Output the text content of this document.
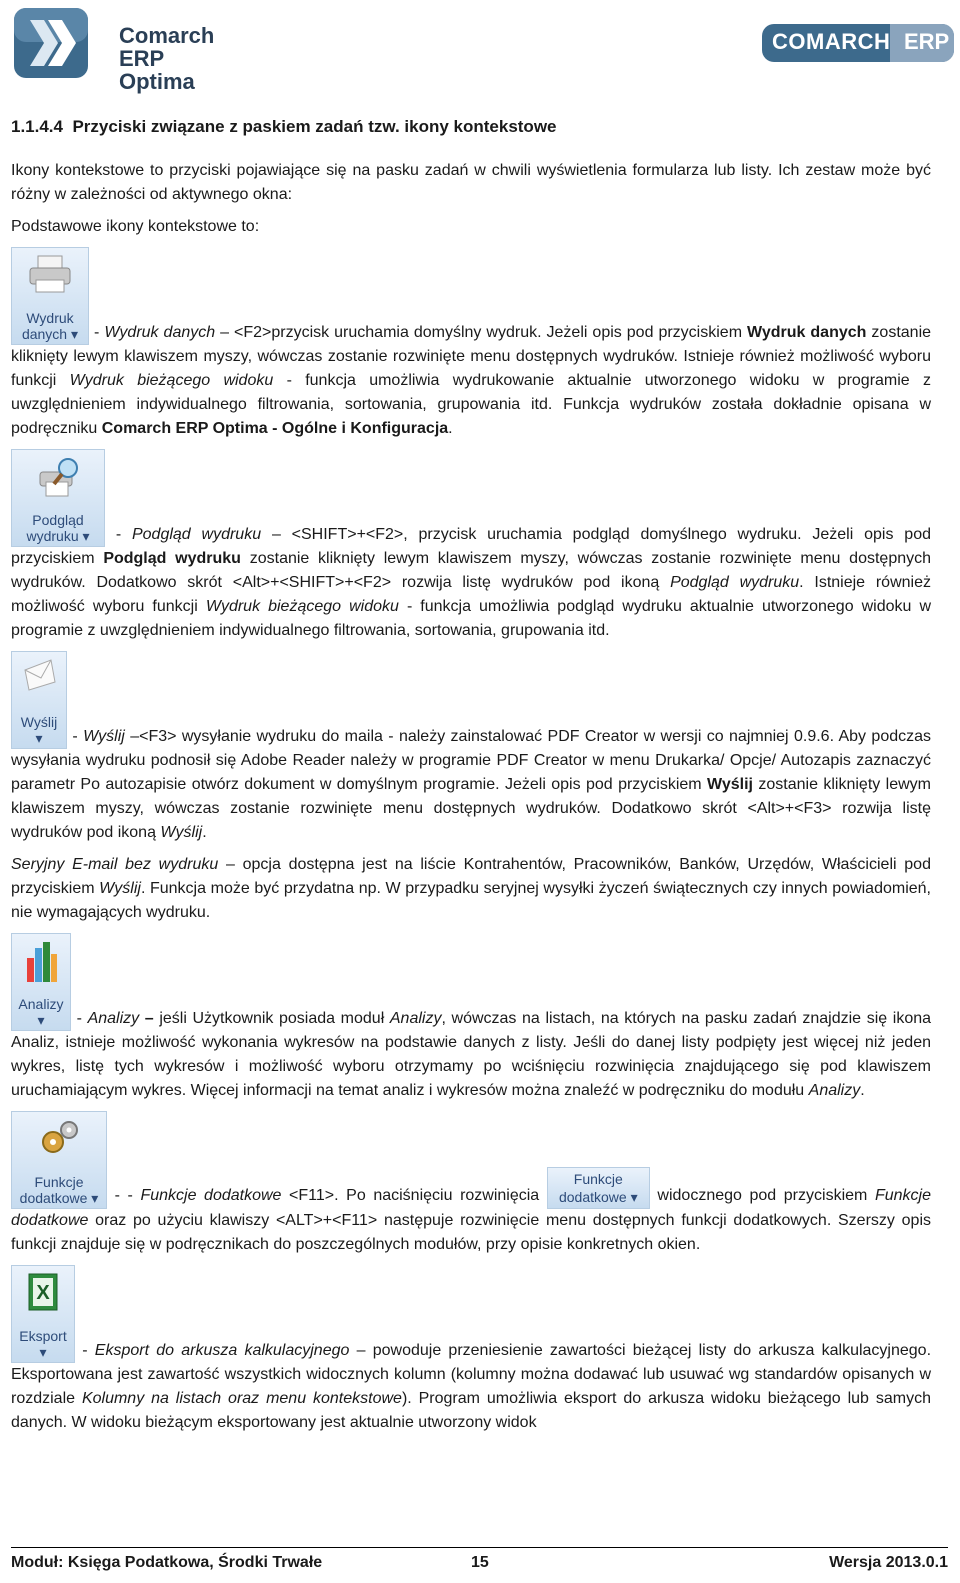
Comarch ERP
Optima
COMARCH ERP
1.1.4.4 Przyciski związane z paskiem zadań tzw. ikony kontekstowe

Ikony kontekstowe to przyciski pojawiające się na pasku zadań w chwili wyświetlenia formularza lub listy. Ich zestaw może być różny w zależności od aktywnego okna:

Podstawowe ikony kontekstowe to:

Wydruk
danych ▾ - Wydruk danych – <F2>przycisk uruchamia domyślny wydruk. Jeżeli opis pod przyciskiem Wydruk danych zostanie kliknięty lewym klawiszem myszy, wówczas zostanie rozwinięte menu dostępnych wydruków. Istnieje również możliwość wyboru funkcji Wydruk bieżącego widoku - funkcja umożliwia wydrukowanie aktualnie utworzonego widoku w programie z uwzględnieniem indywidualnego filtrowania, sortowania, grupowania itd. Funkcja wydruków została dokładnie opisana w podręczniku Comarch ERP Optima - Ogólne i Konfiguracja.

Podgląd
wydruku ▾	- Podgląd wydruku – <SHIFT>+<F2>, przycisk uruchamia podgląd domyślnego wydruku. Jeżeli opis pod przyciskiem Podgląd wydruku zostanie kliknięty lewym klawiszem myszy, wówczas zostanie rozwinięte menu dostępnych wydruków. Dodatkowo skrót <Alt>+<SHIFT>+<F2> rozwija listę wydruków pod ikoną Podgląd wydruku. Istnieje również możliwość wyboru funkcji Wydruk bieżącego widoku - funkcja umożliwia podgląd wydruku aktualnie utworzonego widoku w programie z uwzględnieniem indywidualnego filtrowania, sortowania, grupowania itd.

Wyślij
▾	- Wyślij –<F3> wysyłanie wydruku do maila - należy zainstalować PDF Creator w wersji co najmniej 0.9.6. Aby podczas wysyłania wydruku podnosił się Adobe Reader należy w programie PDF Creator w menu Drukarka/ Opcje/ Autozapis zaznaczyć parametr Po autozapisie otwórz dokument w domyślnym programie. Jeżeli opis pod przyciskiem Wyślij zostanie kliknięty lewym klawiszem myszy, wówczas zostanie rozwinięte menu dostępnych wydruków. Dodatkowo skrót <Alt>+<F3> rozwija listę wydruków pod ikoną Wyślij.

Seryjny E-mail bez wydruku – opcja dostępna jest na liście Kontrahentów, Pracowników, Banków, Urzędów, Właścicieli pod przyciskiem Wyślij. Funkcja może być przydatna np. W przypadku seryjnej wysyłki życzeń świątecznych czy innych powiadomień, nie wymagających wydruku.

Analizy
▾	- Analizy – jeśli Użytkownik posiada moduł Analizy, wówczas na listach, na których na pasku zadań znajdzie się ikona Analiz, istnieje możliwość wykonania wykresów na podstawie danych z listy. Jeśli do danej listy podpięty jest więcej niż jeden wykres, listę tych wykresów i możliwość wyboru otrzymamy po wciśnięciu rozwinięcia znajdującego się pod klawiszem uruchamiającym wykres. Więcej informacji na temat analiz i wykresów można znaleźć w podręczniku do modułu Analizy.

Funkcje
dodatkowe ▾	- - Funkcje dodatkowe <F11>. Po naciśnięciu rozwinięcia
Funkcje
dodatkowe ▾ widocznego pod przyciskiem Funkcje dodatkowe oraz po użyciu klawiszy <ALT>+<F11> następuje rozwinięcie menu dostępnych funkcji dodatkowych. Szerszy opis funkcji znajduje się w podręcznikach do poszczególnych modułów, przy opisie konkretnych okien.

X
Eksport
▾	- Eksport do arkusza kalkulacyjnego – powoduje przeniesienie zawartości bieżącej listy do arkusza kalkulacyjnego. Eksportowana jest zawartość wszystkich widocznych kolumn (kolumny można dodawać lub usuwać wg standardów opisanych w rozdziale Kolumny na listach oraz menu kontekstowe). Program umożliwia eksport do arkusza widoku bieżącego lub samych danych. W widoku bieżącym eksportowany jest aktualnie utworzony widok

Moduł: Księga Podatkowa, Środki Trwałe	15	Wersja 2013.0.1
